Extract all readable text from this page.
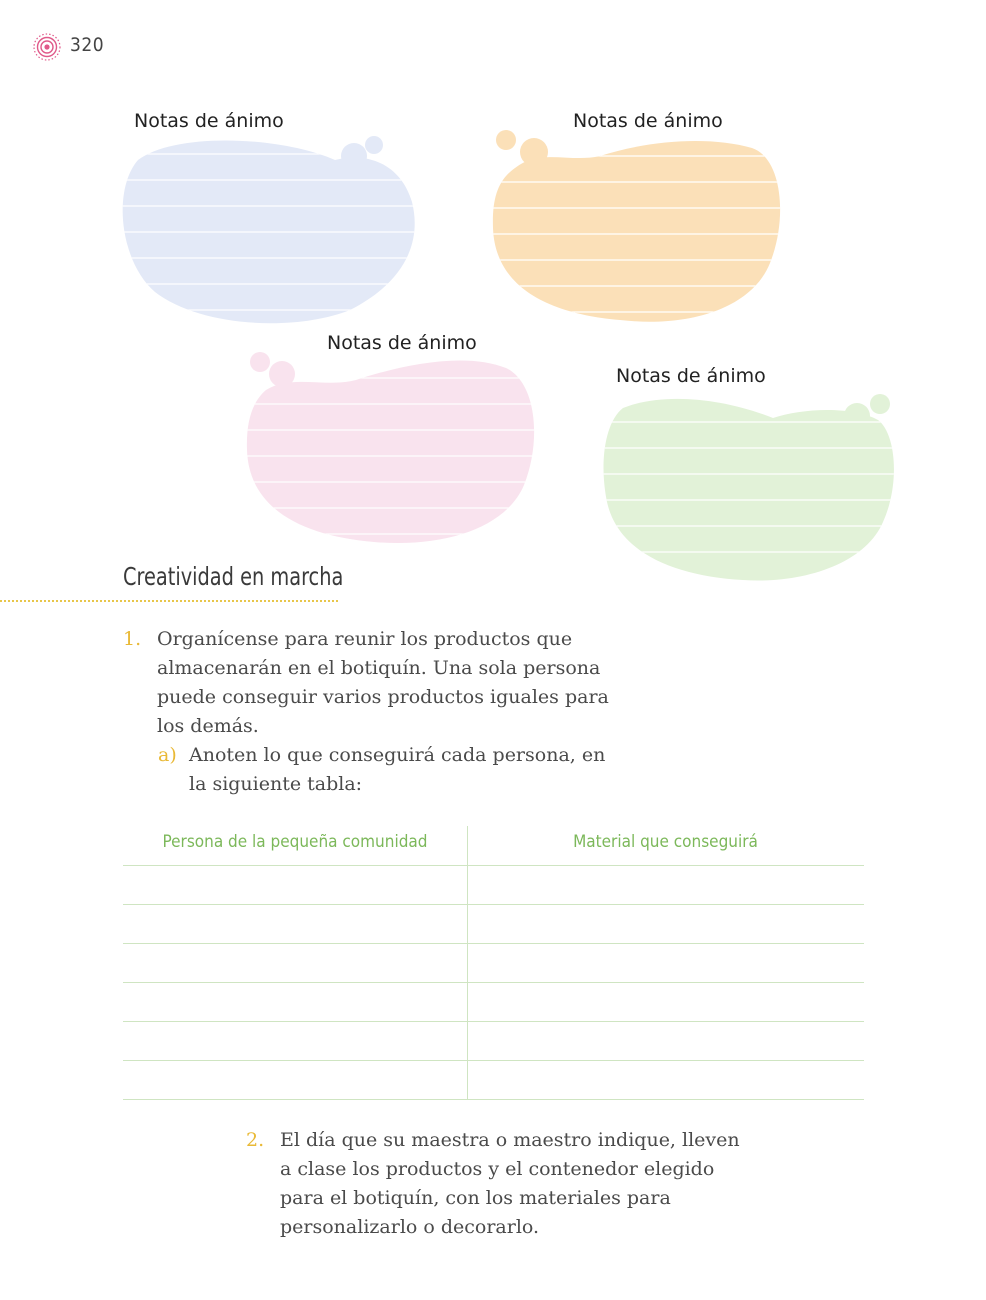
320
Notas de ánimo	Notas de ánimo
Notas de ánimo
Notas de ánimo
Creatividad en marcha
1. Organícense para reunir los productos que
almacenarán en el botiquín. Una sola persona
puede conseguir varios productos iguales para
los demás.
a) Anoten lo que conseguirá cada persona, en
la siguiente tabla:
Persona de la pequeña comunidad	Material que conseguirá
2. El día que su maestra o maestro indique, lleven
a clase los productos y el contenedor elegido
para el botiquín, con los materiales para
personalizarlo o decorarlo.
